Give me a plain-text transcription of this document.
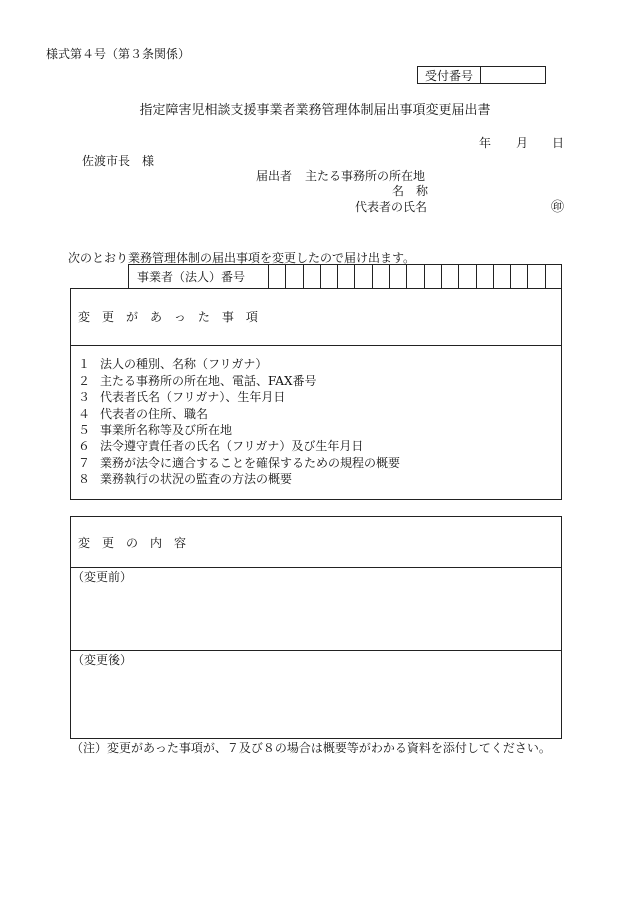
様式第４号（第３条関係）
受付番号
指定障害児相談支援事業者業務管理体制届出事項変更届出書
年 月 日
佐渡市長　様
届出者 主たる事務所の所在地
名　称
代表者の氏名	㊞
次のとおり業務管理体制の届出事項を変更したので届け出ます。
事業者（法人）番号
変更があった事項
１ 法人の種別、名称（フリガナ）
２ 主たる事務所の所在地、電話、FAX番号
３ 代表者氏名（フリガナ）、生年月日
４ 代表者の住所、職名
５ 事業所名称等及び所在地
６ 法令遵守責任者の氏名（フリガナ）及び生年月日
７ 業務が法令に適合することを確保するための規程の概要
８ 業務執行の状況の監査の方法の概要
変更の内容
（変更前）
（変更後）
（注）変更があった事項が、７及び８の場合は概要等がわかる資料を添付してください。
